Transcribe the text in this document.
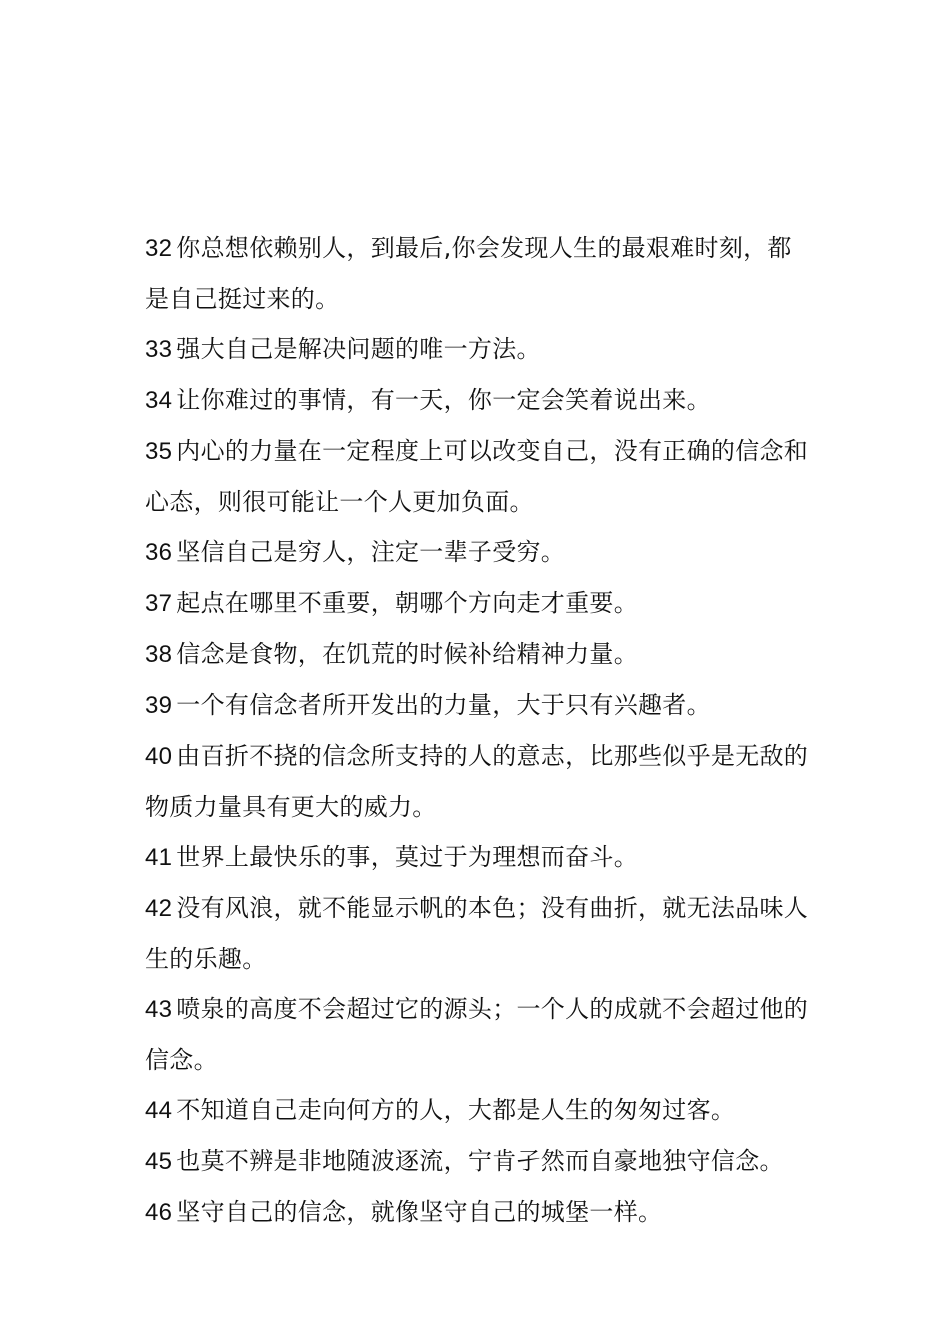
32 你总想依赖别人，到最后,你会发现人生的最艰难时刻，都是自己挺过来的。

33 强大自己是解决问题的唯一方法。

34 让你难过的事情，有一天，你一定会笑着说出来。

35 内心的力量在一定程度上可以改变自己，没有正确的信念和心态，则很可能让一个人更加负面。

36 坚信自己是穷人，注定一辈子受穷。

37 起点在哪里不重要，朝哪个方向走才重要。

38 信念是食物，在饥荒的时候补给精神力量。

39 一个有信念者所开发出的力量，大于只有兴趣者。

40 由百折不挠的信念所支持的人的意志，比那些似乎是无敌的物质力量具有更大的威力。

41 世界上最快乐的事，莫过于为理想而奋斗。

42 没有风浪，就不能显示帆的本色；没有曲折，就无法品味人生的乐趣。

43 喷泉的高度不会超过它的源头；一个人的成就不会超过他的信念。

44 不知道自己走向何方的人，大都是人生的匆匆过客。

45 也莫不辨是非地随波逐流，宁肯孑然而自豪地独守信念。

46 坚守自己的信念，就像坚守自己的城堡一样。
